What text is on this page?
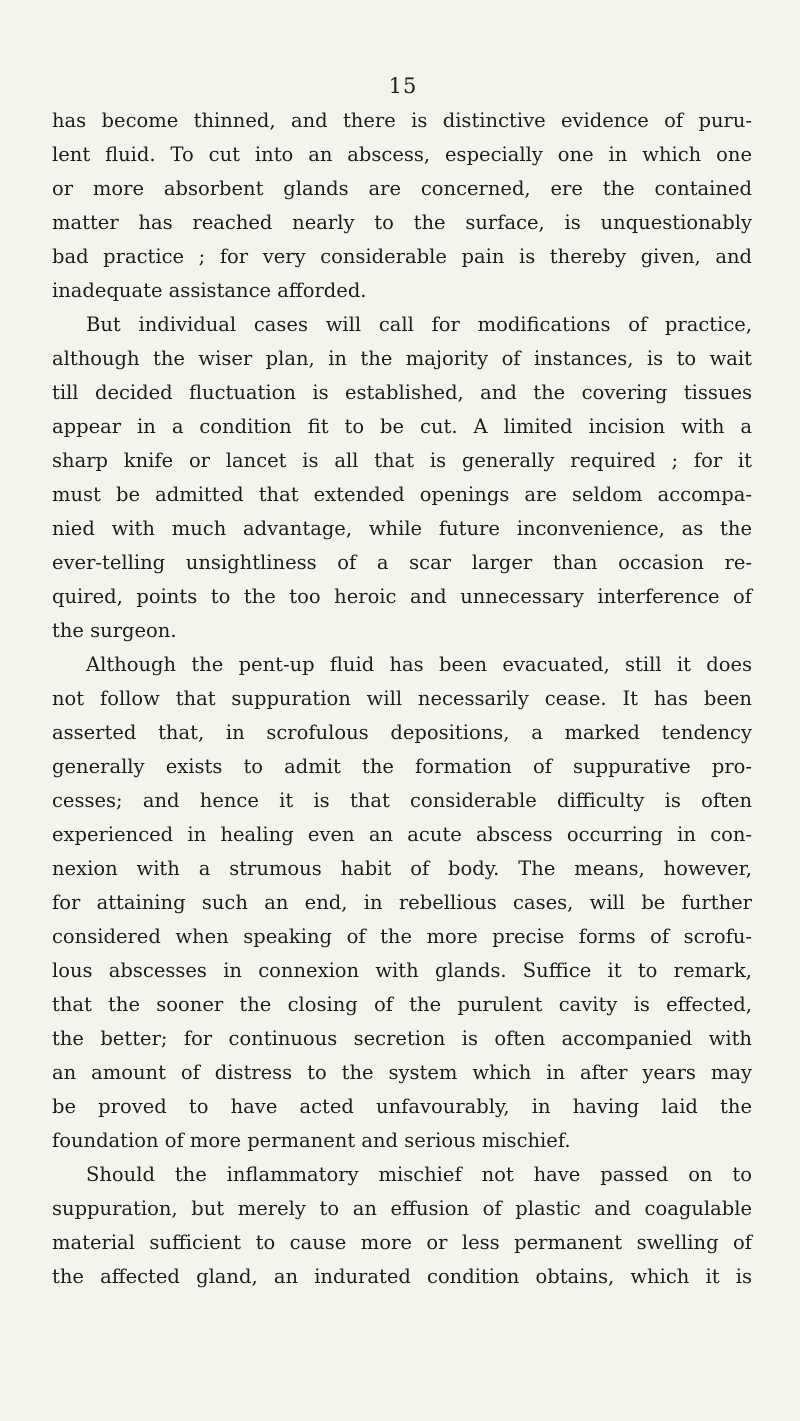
15
has become thinned, and there is distinctive evidence of puru-
lent fluid. To cut into an abscess, especially one in which one
or more absorbent glands are concerned, ere the contained
matter has reached nearly to the surface, is unquestionably
bad practice ; for very considerable pain is thereby given, and
inadequate assistance afforded.
But individual cases will call for modifications of practice,
although the wiser plan, in the majority of instances, is to wait
till decided fluctuation is established, and the covering tissues
appear in a condition fit to be cut. A limited incision with a
sharp knife or lancet is all that is generally required ; for it
must be admitted that extended openings are seldom accompa-
nied with much advantage, while future inconvenience, as the
ever-telling unsightliness of a scar larger than occasion re-
quired, points to the too heroic and unnecessary interference of
the surgeon.
Although the pent-up fluid has been evacuated, still it does
not follow that suppuration will necessarily cease. It has been
asserted that, in scrofulous depositions, a marked tendency
generally exists to admit the formation of suppurative pro-
cesses; and hence it is that considerable difficulty is often
experienced in healing even an acute abscess occurring in con-
nexion with a strumous habit of body. The means, however,
for attaining such an end, in rebellious cases, will be further
considered when speaking of the more precise forms of scrofu-
lous abscesses in connexion with glands. Suffice it to remark,
that the sooner the closing of the purulent cavity is effected,
the better; for continuous secretion is often accompanied with
an amount of distress to the system which in after years may
be proved to have acted unfavourably, in having laid the
foundation of more permanent and serious mischief.
Should the inflammatory mischief not have passed on to
suppuration, but merely to an effusion of plastic and coagulable
material sufficient to cause more or less permanent swelling of
the affected gland, an indurated condition obtains, which it is
